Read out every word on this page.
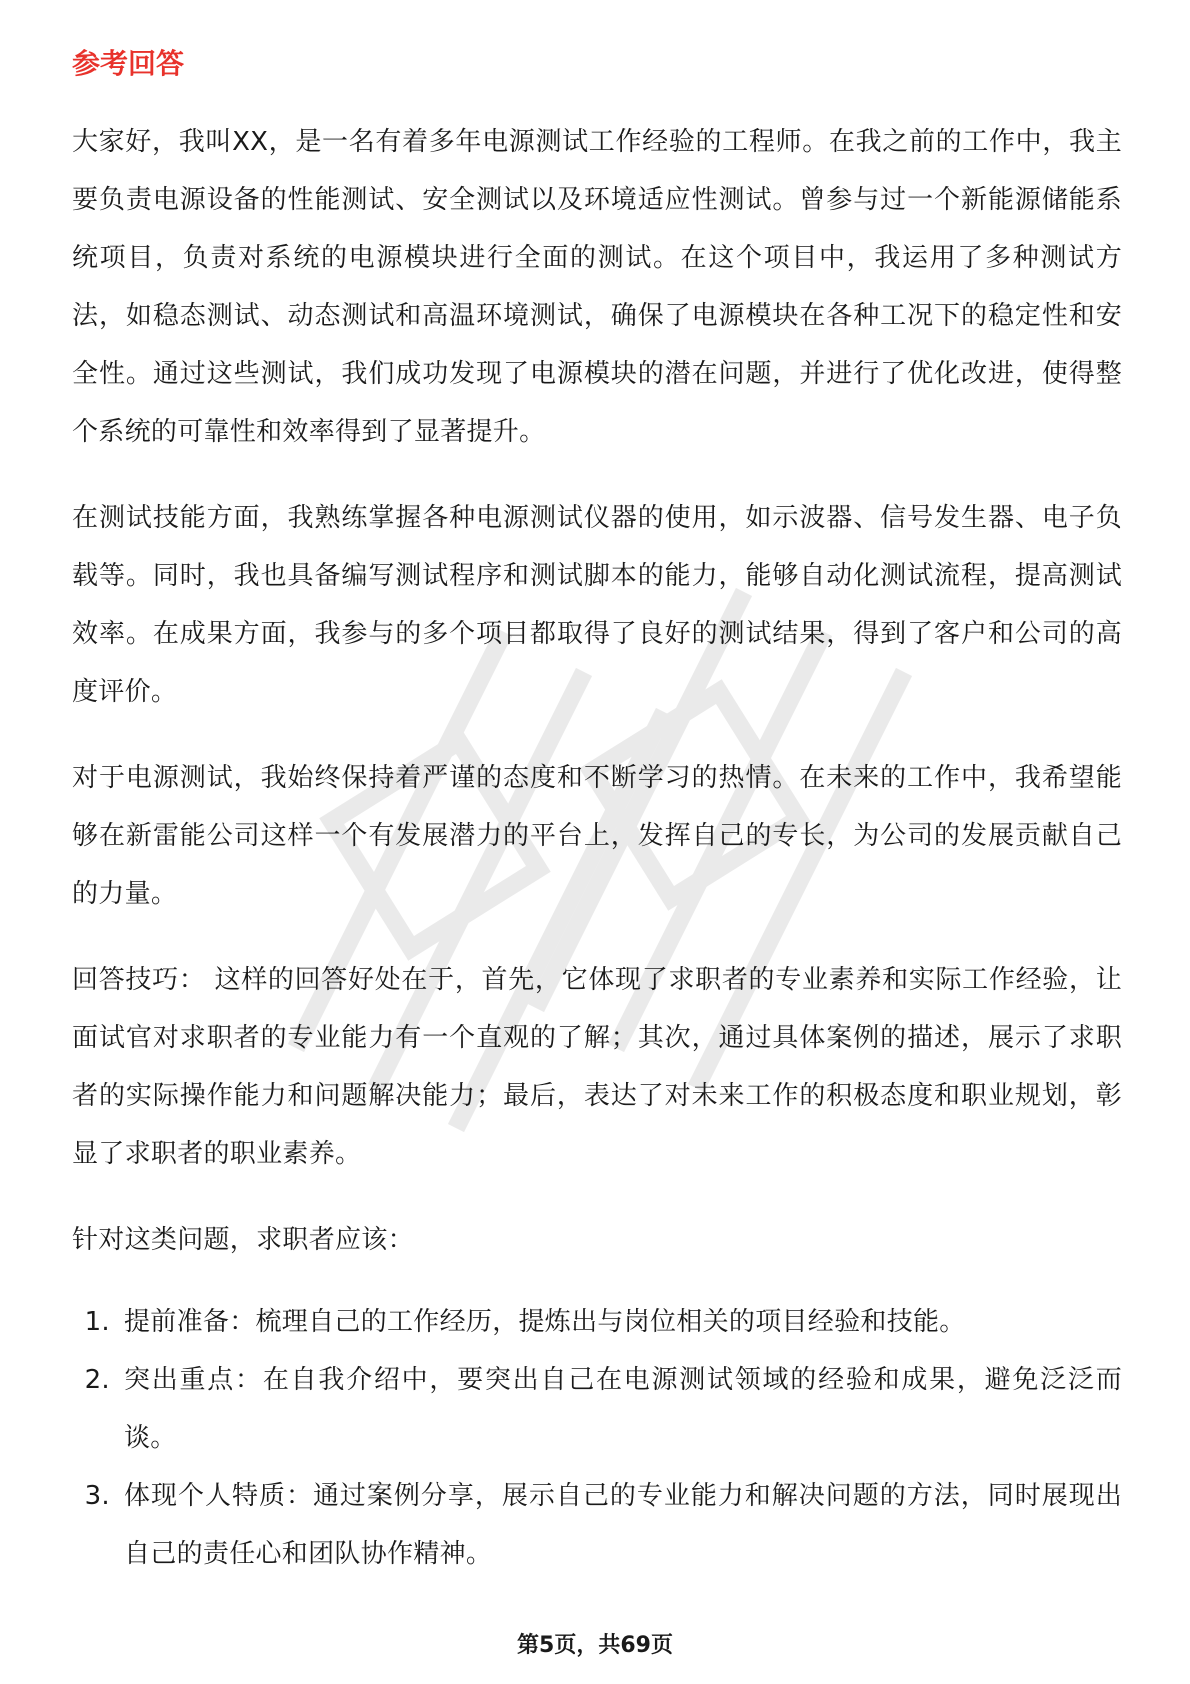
参考回答

大家好，我叫XX，是一名有着多年电源测试工作经验的工程师。在我之前的工作中，我主要负责电源设备的性能测试、安全测试以及环境适应性测试。曾参与过一个新能源储能系统项目，负责对系统的电源模块进行全面的测试。在这个项目中，我运用了多种测试方法，如稳态测试、动态测试和高温环境测试，确保了电源模块在各种工况下的稳定性和安全性。通过这些测试，我们成功发现了电源模块的潜在问题，并进行了优化改进，使得整个系统的可靠性和效率得到了显著提升。

在测试技能方面，我熟练掌握各种电源测试仪器的使用，如示波器、信号发生器、电子负载等。同时，我也具备编写测试程序和测试脚本的能力，能够自动化测试流程，提高测试效率。在成果方面，我参与的多个项目都取得了良好的测试结果，得到了客户和公司的高度评价。

对于电源测试，我始终保持着严谨的态度和不断学习的热情。在未来的工作中，我希望能够在新雷能公司这样一个有发展潜力的平台上，发挥自己的专长，为公司的发展贡献自己的力量。

回答技巧： 这样的回答好处在于，首先，它体现了求职者的专业素养和实际工作经验，让面试官对求职者的专业能力有一个直观的了解；其次，通过具体案例的描述，展示了求职者的实际操作能力和问题解决能力；最后，表达了对未来工作的积极态度和职业规划，彰显了求职者的职业素养。

针对这类问题，求职者应该：

1. 提前准备：梳理自己的工作经历，提炼出与岗位相关的项目经验和技能。
2. 突出重点：在自我介绍中，要突出自己在电源测试领域的经验和成果，避免泛泛而谈。
3. 体现个人特质：通过案例分享，展示自己的专业能力和解决问题的方法，同时展现出自己的责任心和团队协作精神。
第5页，共69页
